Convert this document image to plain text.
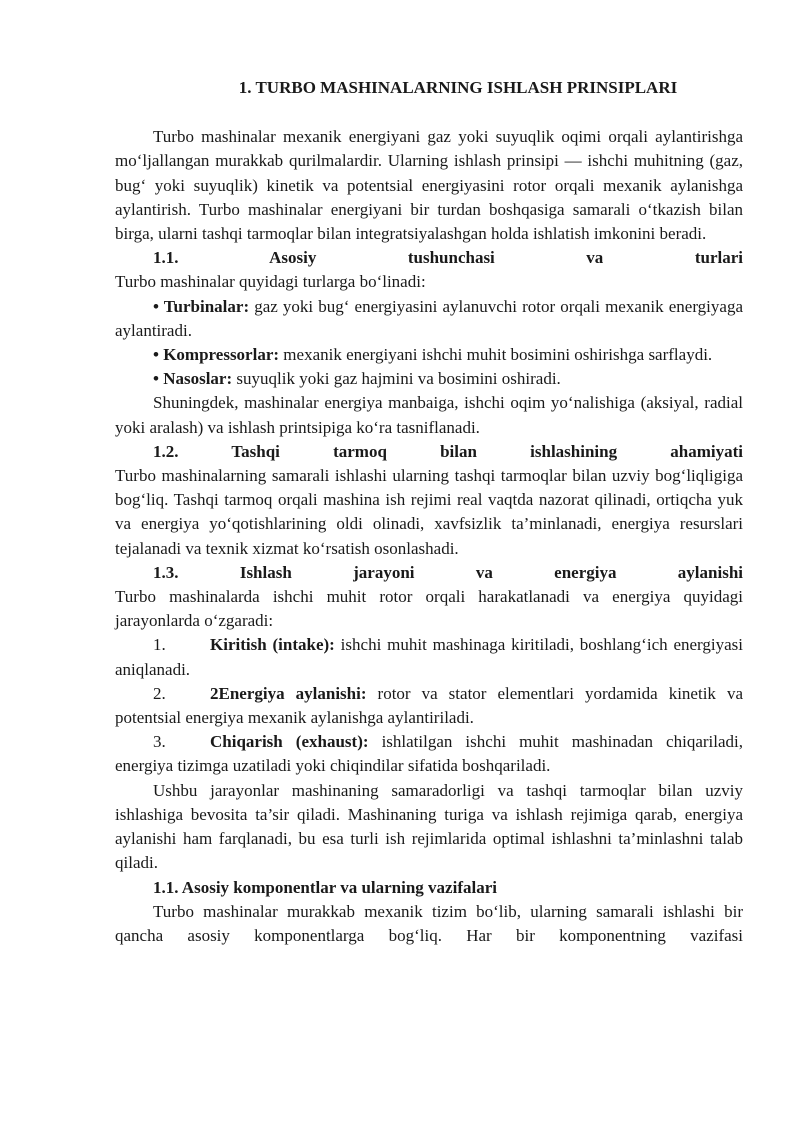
1. TURBO MASHINALARNING ISHLASH PRINSIPLARI

Turbo mashinalar mexanik energiyani gaz yoki suyuqlik oqimi orqali aylantirishga mo‘ljallangan murakkab qurilmalardir. Ularning ishlash prinsipi — ishchi muhitning (gaz, bug‘ yoki suyuqlik) kinetik va potentsial energiyasini rotor orqali mexanik aylanishga aylantirish. Turbo mashinalar energiyani bir turdan boshqasiga samarali o‘tkazish bilan birga, ularni tashqi tarmoqlar bilan integratsiyalashgan holda ishlatish imkonini beradi.

1.1. Asosiy tushunchasi va turlari

Turbo mashinalar quyidagi turlarga bo‘linadi:

• Turbinalar: gaz yoki bug‘ energiyasini aylanuvchi rotor orqali mexanik energiyaga aylantiradi.

• Kompressorlar: mexanik energiyani ishchi muhit bosimini oshirishga sarflaydi.

• Nasoslar: suyuqlik yoki gaz hajmini va bosimini oshiradi.

Shuningdek, mashinalar energiya manbaiga, ishchi oqim yo‘nalishiga (aksiyal, radial yoki aralash) va ishlash printsipiga ko‘ra tasniflanadi.

1.2. Tashqi tarmoq bilan ishlashining ahamiyati

Turbo mashinalarning samarali ishlashi ularning tashqi tarmoqlar bilan uzviy bog‘liqligiga bog‘liq. Tashqi tarmoq orqali mashina ish rejimi real vaqtda nazorat qilinadi, ortiqcha yuk va energiya yo‘qotishlarining oldi olinadi, xavfsizlik ta’minlanadi, energiya resurslari tejalanadi va texnik xizmat ko‘rsatish osonlashadi.

1.3. Ishlash jarayoni va energiya aylanishi

Turbo mashinalarda ishchi muhit rotor orqali harakatlanadi va energiya quyidagi jarayonlarda o‘zgaradi:

1.	Kiritish (intake): ishchi muhit mashinaga kiritiladi, boshlang‘ich energiyasi aniqlanadi.

2.	2Energiya aylanishi: rotor va stator elementlari yordamida kinetik va potentsial energiya mexanik aylanishga aylantiriladi.

3.	Chiqarish (exhaust): ishlatilgan ishchi muhit mashinadan chiqariladi, energiya tizimga uzatiladi yoki chiqindilar sifatida boshqariladi.

Ushbu jarayonlar mashinaning samaradorligi va tashqi tarmoqlar bilan uzviy ishlashiga bevosita ta’sir qiladi. Mashinaning turiga va ishlash rejimiga qarab, energiya aylanishi ham farqlanadi, bu esa turli ish rejimlarida optimal ishlashni ta’minlashni talab qiladi.

1.1. Asosiy komponentlar va ularning vazifalari

Turbo mashinalar murakkab mexanik tizim bo‘lib, ularning samarali ishlashi bir qancha asosiy komponentlarga bog‘liq. Har bir komponentning vazifasi
